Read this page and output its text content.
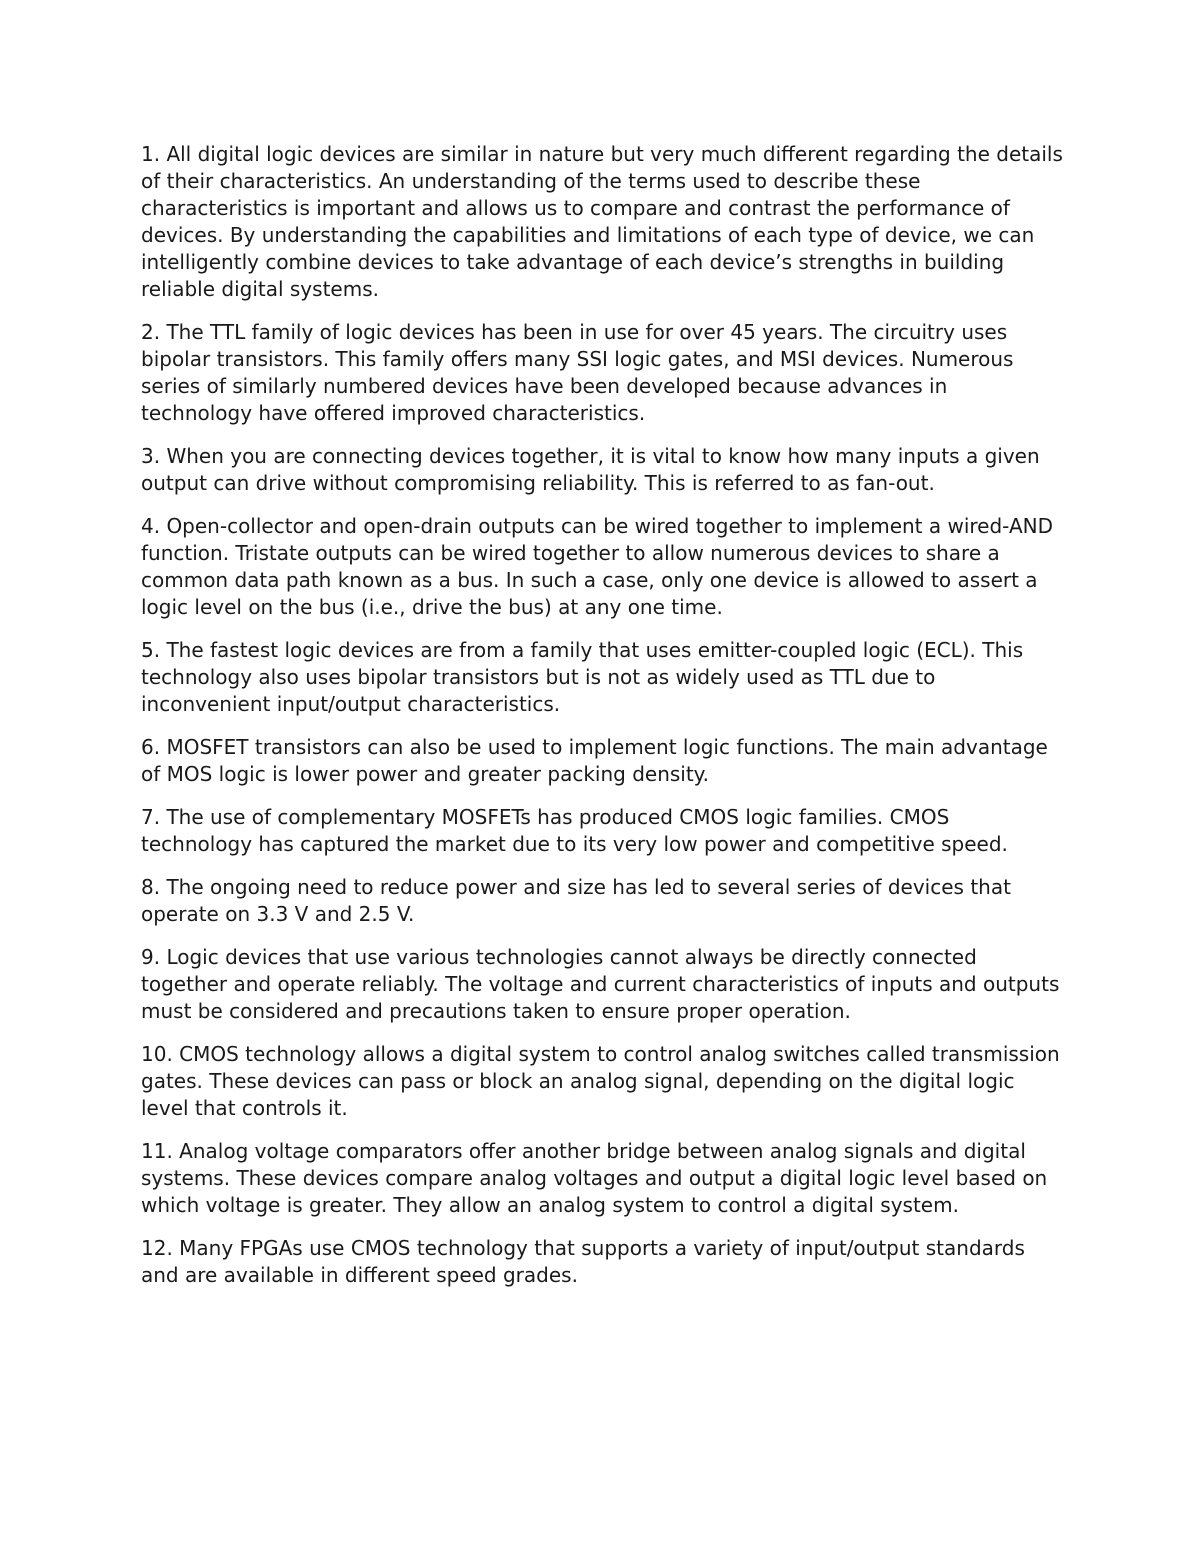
1. All digital logic devices are similar in nature but very much different regarding the details of their characteristics. An understanding of the terms used to describe these characteristics is important and allows us to compare and contrast the performance of devices. By understanding the capabilities and limitations of each type of device, we can intelligently combine devices to take advantage of each device’s strengths in building reliable digital systems.

2. The TTL family of logic devices has been in use for over 45 years. The circuitry uses bipolar transistors. This family offers many SSI logic gates, and MSI devices. Numerous series of similarly numbered devices have been developed because advances in technology have offered improved characteristics.

3. When you are connecting devices together, it is vital to know how many inputs a given output can drive without compromising reliability. This is referred to as fan-out.

4. Open-collector and open-drain outputs can be wired together to implement a wired-AND function. Tristate outputs can be wired together to allow numerous devices to share a common data path known as a bus. In such a case, only one device is allowed to assert a logic level on the bus (i.e., drive the bus) at any one time.

5. The fastest logic devices are from a family that uses emitter-coupled logic (ECL). This technology also uses bipolar transistors but is not as widely used as TTL due to inconvenient input/output characteristics.

6. MOSFET transistors can also be used to implement logic functions. The main advantage of MOS logic is lower power and greater packing density.

7. The use of complementary MOSFETs has produced CMOS logic families. CMOS technology has captured the market due to its very low power and competitive speed.

8. The ongoing need to reduce power and size has led to several series of devices that operate on 3.3 V and 2.5 V.

9. Logic devices that use various technologies cannot always be directly connected together and operate reliably. The voltage and current characteristics of inputs and outputs must be considered and precautions taken to ensure proper operation.

10. CMOS technology allows a digital system to control analog switches called transmission gates. These devices can pass or block an analog signal, depending on the digital logic level that controls it.

11. Analog voltage comparators offer another bridge between analog signals and digital systems. These devices compare analog voltages and output a digital logic level based on which voltage is greater. They allow an analog system to control a digital system.

12. Many FPGAs use CMOS technology that supports a variety of input/output standards and are available in different speed grades.
